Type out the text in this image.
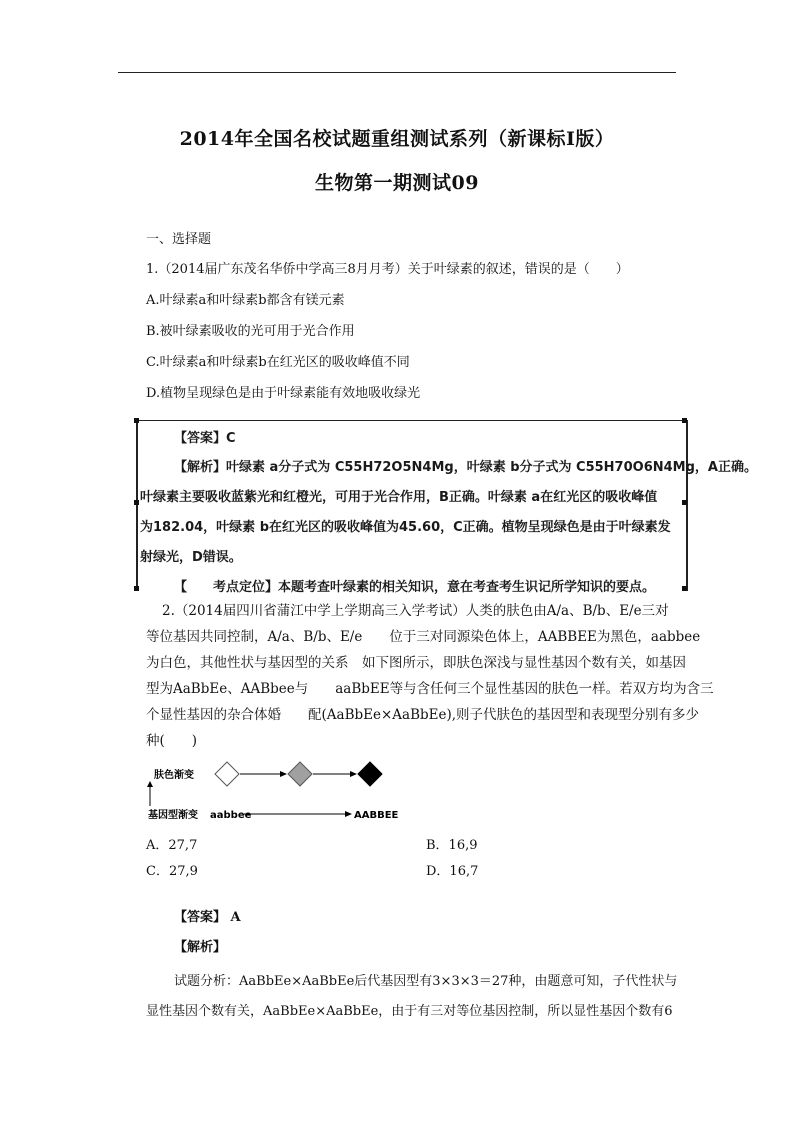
2014年全国名校试题重组测试系列（新课标Ⅰ版）
生物第一期测试09
一、选择题
1.（2014届广东茂名华侨中学高三8月月考）关于叶绿素的叙述，错误的是（　　）
A.叶绿素a和叶绿素b都含有镁元素
B.被叶绿素吸收的光可用于光合作用
C.叶绿素a和叶绿素b在红光区的吸收峰值不同
D.植物呈现绿色是由于叶绿素能有效地吸收绿光
【答案】C
【解析】叶绿素 a分子式为 C55H72O5N4Mg，叶绿素 b分子式为 C55H70O6N4Mg，A正确。
叶绿素主要吸收蓝紫光和红橙光，可用于光合作用，B正确。叶绿素 a在红光区的吸收峰值
为182.04，叶绿素 b在红光区的吸收峰值为45.60，C正确。植物呈现绿色是由于叶绿素发
射绿光，D错误。
【　　考点定位】本题考查叶绿素的相关知识，意在考查考生识记所学知识的要点。
2.（2014届四川省蒲江中学上学期高三入学考试）人类的肤色由A/a、B/b、E/e三对
等位基因共同控制，A/a、B/b、E/e　　位于三对同源染色体上，AABBEE为黑色，aabbee
为白色，其他性状与基因型的关系　如下图所示，即肤色深浅与显性基因个数有关，如基因
型为AaBbEe、AABbee与　　aaBbEE等与含任何三个显性基因的肤色一样。若双方均为含三
个显性基因的杂合体婚　　配(AaBbEe×AaBbEe),则子代肤色的基因型和表现型分别有多少
种(　　)
肤色渐变
基因型渐变 aabbee	AABBEE
A．27,7	B．16,9
C．27,9	D．16,7
【答案】 A
【解析】
试题分析：AaBbEe×AaBbEe后代基因型有3×3×3＝27种，由题意可知，子代性状与
显性基因个数有关，AaBbEe×AaBbEe，由于有三对等位基因控制，所以显性基因个数有6
